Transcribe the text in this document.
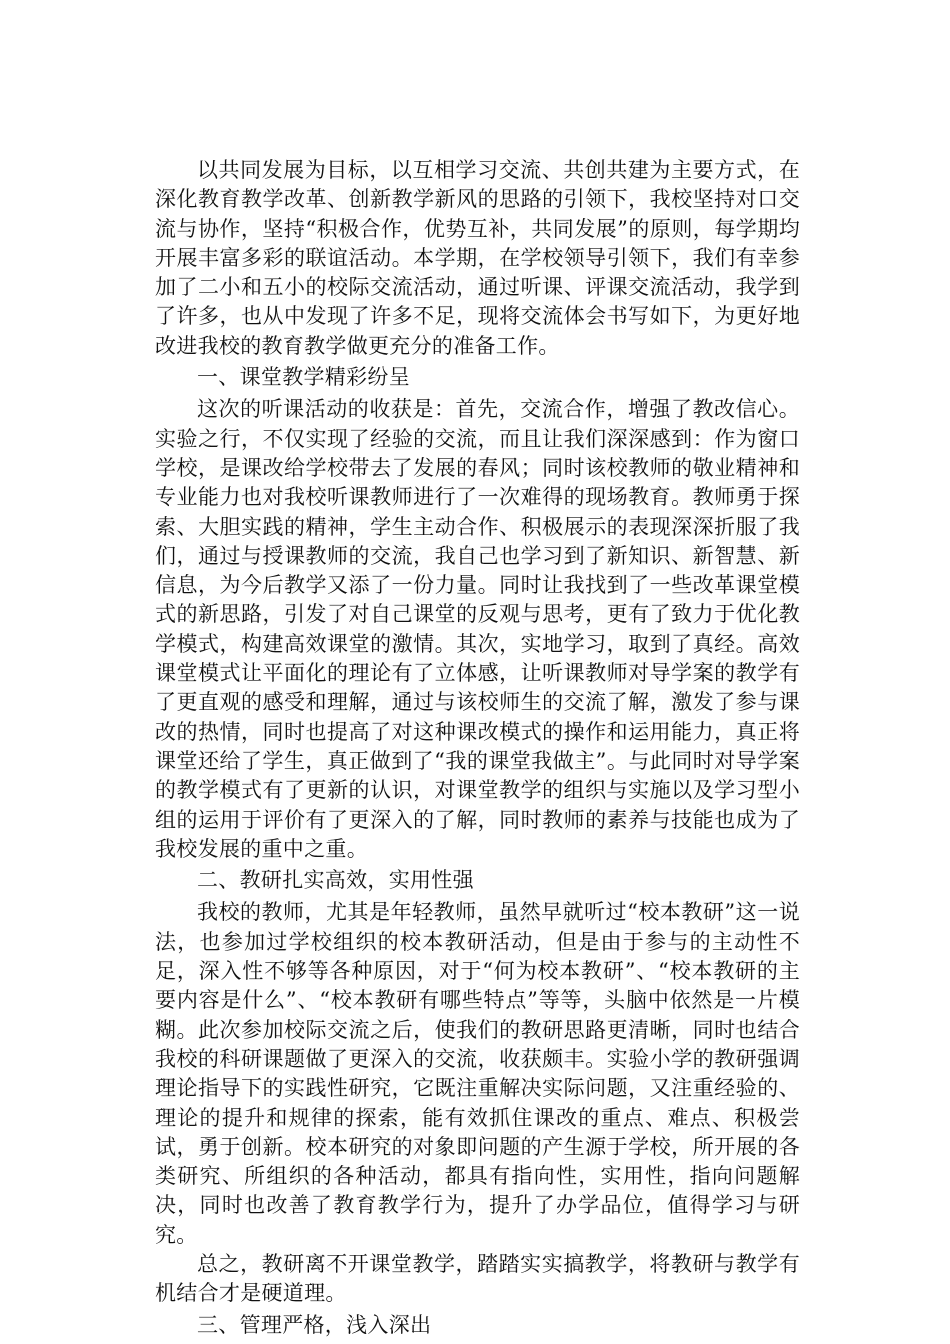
以共同发展为目标，以互相学习交流、共创共建为主要方式，在深化教育教学改革、创新教学新风的思路的引领下，我校坚持对口交流与协作，坚持“积极合作，优势互补，共同发展”的原则，每学期均开展丰富多彩的联谊活动。本学期，在学校领导引领下，我们有幸参加了二小和五小的校际交流活动，通过听课、评课交流活动，我学到了许多，也从中发现了许多不足，现将交流体会书写如下，为更好地改进我校的教育教学做更充分的准备工作。

一、课堂教学精彩纷呈

这次的听课活动的收获是：首先，交流合作，增强了教改信心。实验之行，不仅实现了经验的交流，而且让我们深深感到：作为窗口学校，是课改给学校带去了发展的春风；同时该校教师的敬业精神和专业能力也对我校听课教师进行了一次难得的现场教育。教师勇于探索、大胆实践的精神，学生主动合作、积极展示的表现深深折服了我们，通过与授课教师的交流，我自己也学习到了新知识、新智慧、新信息，为今后教学又添了一份力量。同时让我找到了一些改革课堂模式的新思路，引发了对自己课堂的反观与思考，更有了致力于优化教学模式，构建高效课堂的激情。其次，实地学习，取到了真经。高效课堂模式让平面化的理论有了立体感，让听课教师对导学案的教学有了更直观的感受和理解，通过与该校师生的交流了解，激发了参与课改的热情，同时也提高了对这种课改模式的操作和运用能力，真正将课堂还给了学生，真正做到了“我的课堂我做主”。与此同时对导学案的教学模式有了更新的认识，对课堂教学的组织与实施以及学习型小组的运用于评价有了更深入的了解，同时教师的素养与技能也成为了我校发展的重中之重。

二、教研扎实高效，实用性强

我校的教师，尤其是年轻教师，虽然早就听过“校本教研”这一说法，也参加过学校组织的校本教研活动，但是由于参与的主动性不足，深入性不够等各种原因，对于“何为校本教研”、“校本教研的主要内容是什么”、“校本教研有哪些特点”等等，头脑中依然是一片模糊。此次参加校际交流之后，使我们的教研思路更清晰，同时也结合我校的科研课题做了更深入的交流，收获颇丰。实验小学的教研强调理论指导下的实践性研究，它既注重解决实际问题，又注重经验的、理论的提升和规律的探索，能有效抓住课改的重点、难点、积极尝试，勇于创新。校本研究的对象即问题的产生源于学校，所开展的各类研究、所组织的各种活动，都具有指向性，实用性，指向问题解决，同时也改善了教育教学行为，提升了办学品位，值得学习与研究。

总之，教研离不开课堂教学，踏踏实实搞教学，将教研与教学有机结合才是硬道理。

三、管理严格，浅入深出
